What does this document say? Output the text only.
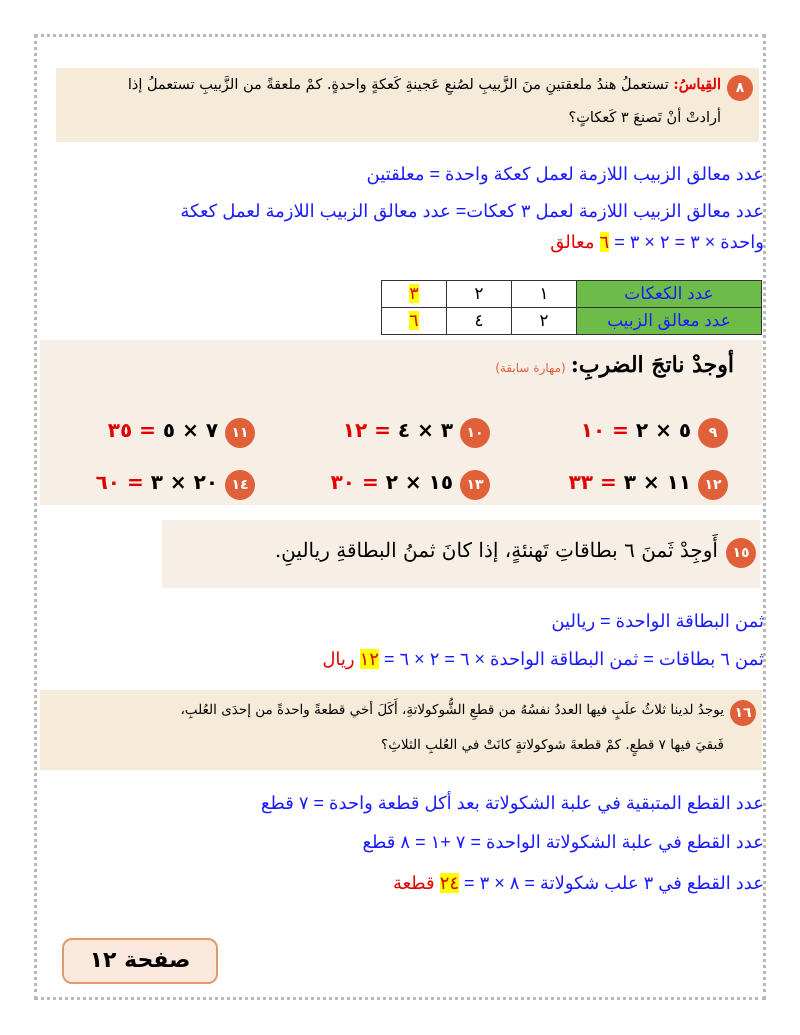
٨
القِياسُ: تستعملُ هندُ ملعقتينِ منَ الزَّبيبِ لصُنعِ عَجينةِ كَعكةٍ واحدةٍ. كمْ ملعقةً من الزَّبيبِ تستعملُ إذا
أرادتْ أنْ تَصنعَ ٣ كَعكاتٍ؟
عدد معالق الزبيب اللازمة لعمل كعكة واحدة = معلقتين
عدد معالق الزبيب اللازمة لعمل ٣ كعكات= عدد معالق الزبيب اللازمة لعمل كعكة
واحدة × ٣ = ٢ × ٣ = ٦ معالق
عدد الكعكات	١	٢	٣
عدد معالق الزبيب	٢	٤	٦
أوجدْ ناتجَ الضربِ: (مهارة سابقة)
٩ ٥ × ٢ = ١٠
١٠ ٣ × ٤ = ١٢
١١ ٧ × ٥ = ٣٥
١٢ ١١ × ٣ = ٣٣
١٣ ١٥ × ٢ = ٣٠
١٤ ٢٠ × ٣ = ٦٠
١٥
أَوجِدْ ثَمنَ ٦ بطاقاتِ تَهنئةٍ، إذا كانَ ثمنُ البطاقةِ ريالينِ.
ثمن البطاقة الواحدة = ريالين
ثمن ٦ بطاقات = ثمن البطاقة الواحدة × ٦ = ٢ × ٦ = ١٢ ريال
١٦
يوجدُ لدينا ثلاثُ علَبٍ فيها العددُ نفسُهُ من قطعِ الشُّوكولاتةِ، أَكَلَ أخي قطعةً واحدةً من إحدَى العُلبِ،
فَبقيَ فيها ٧ قطعٍ. كمْ قطعةَ شوكولاتةٍ كانَتْ في العُلبِ الثلاثِ؟
عدد القطع المتبقية في علبة الشكولاتة بعد أكل قطعة واحدة = ٧ قطع
عدد القطع في علبة الشكولاتة الواحدة = ٧ +١ = ٨ قطع
عدد القطع في ٣ علب شكولاتة = ٨ × ٣ = ٢٤ قطعة
صفحة ١٢
